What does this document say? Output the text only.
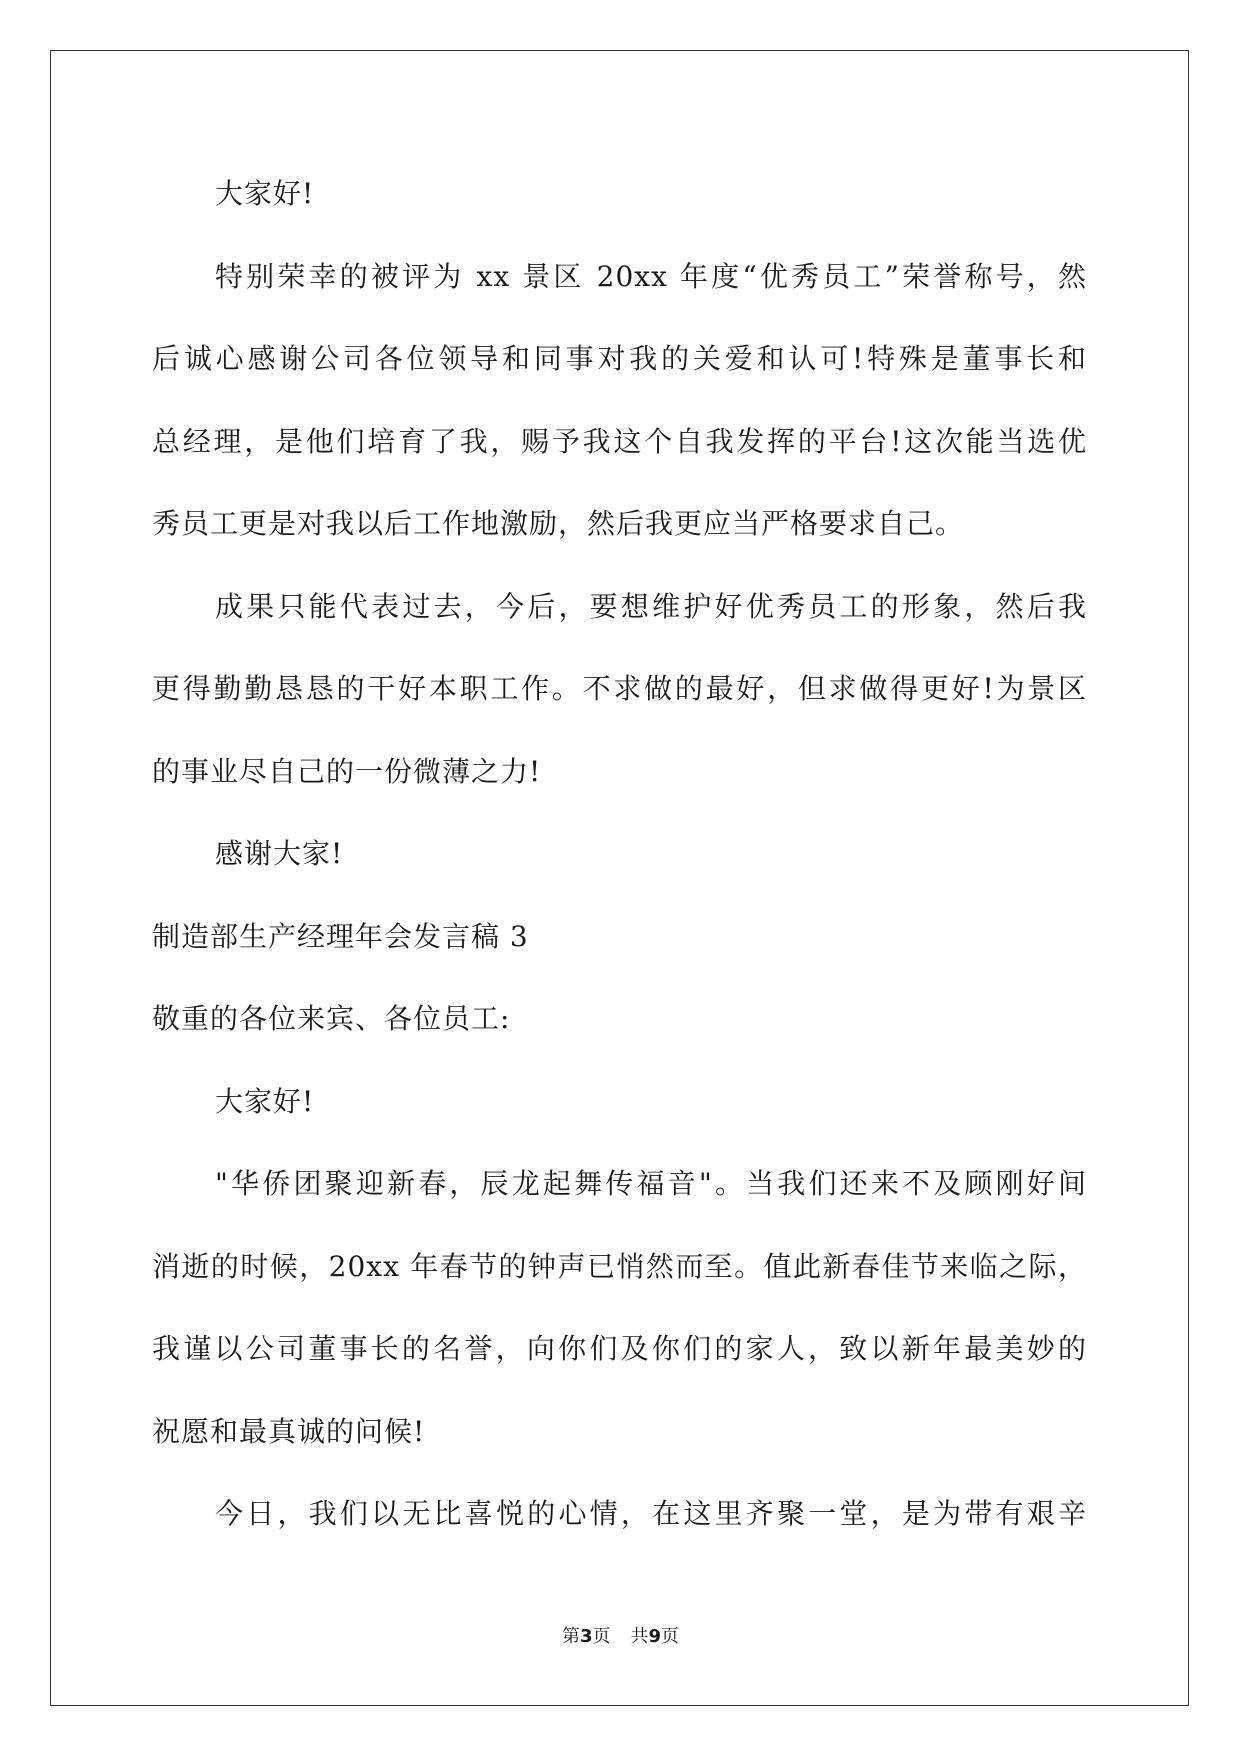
大家好!
特别荣幸的被评为 xx 景区 20xx 年度“优秀员工”荣誉称号，然
后诚心感谢公司各位领导和同事对我的关爱和认可!特殊是董事长和
总经理，是他们培育了我，赐予我这个自我发挥的平台!这次能当选优
秀员工更是对我以后工作地激励，然后我更应当严格要求自己。
成果只能代表过去，今后，要想维护好优秀员工的形象，然后我
更得勤勤恳恳的干好本职工作。不求做的最好，但求做得更好!为景区
的事业尽自己的一份微薄之力!
感谢大家!
制造部生产经理年会发言稿 3
敬重的各位来宾、各位员工:
大家好!
"华侨团聚迎新春，辰龙起舞传福音"。当我们还来不及顾刚好间
消逝的时候，20xx 年春节的钟声已悄然而至。值此新春佳节来临之际，
我谨以公司董事长的名誉，向你们及你们的家人，致以新年最美妙的
祝愿和最真诚的问候!
今日，我们以无比喜悦的心情，在这里齐聚一堂，是为带有艰辛
第3页 共9页
